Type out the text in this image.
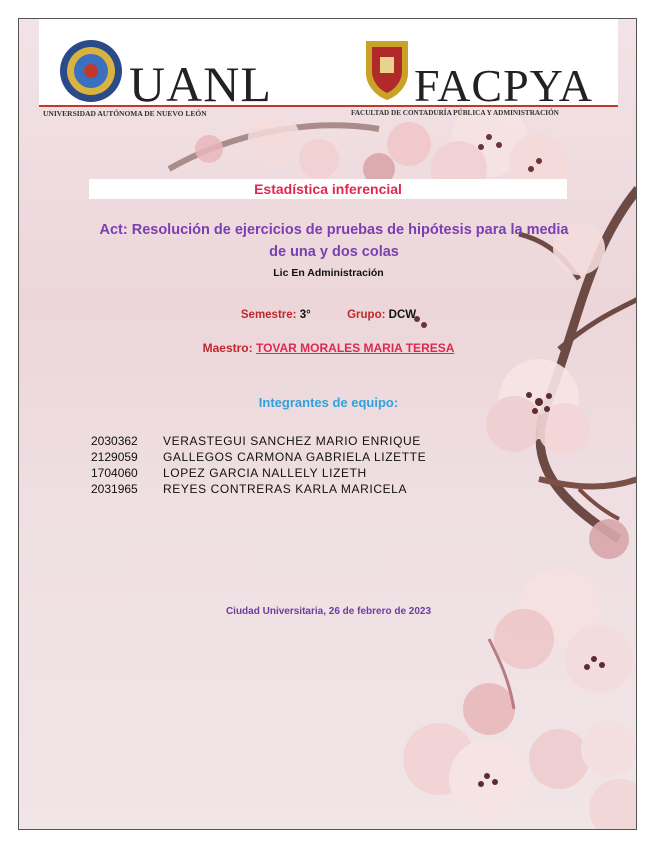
UANL
UNIVERSIDAD AUTÓNOMA DE NUEVO LEÓN
FACPYA
FACULTAD DE CONTADURÍA PÚBLICA Y ADMINISTRACIÓN
Estadística inferencial
Act: Resolución de ejercicios de pruebas de hipótesis para la media de una y dos colas
Lic En Administración
Semestre: 3°	Grupo: DCW
Maestro: TOVAR MORALES MARIA TERESA
Integrantes de equipo:
2030362	VERASTEGUI SANCHEZ MARIO ENRIQUE
2129059	GALLEGOS CARMONA GABRIELA LIZETTE
1704060	LOPEZ GARCIA NALLELY LIZETH
2031965	REYES CONTRERAS KARLA MARICELA
Ciudad Universitaria, 26 de febrero de 2023
